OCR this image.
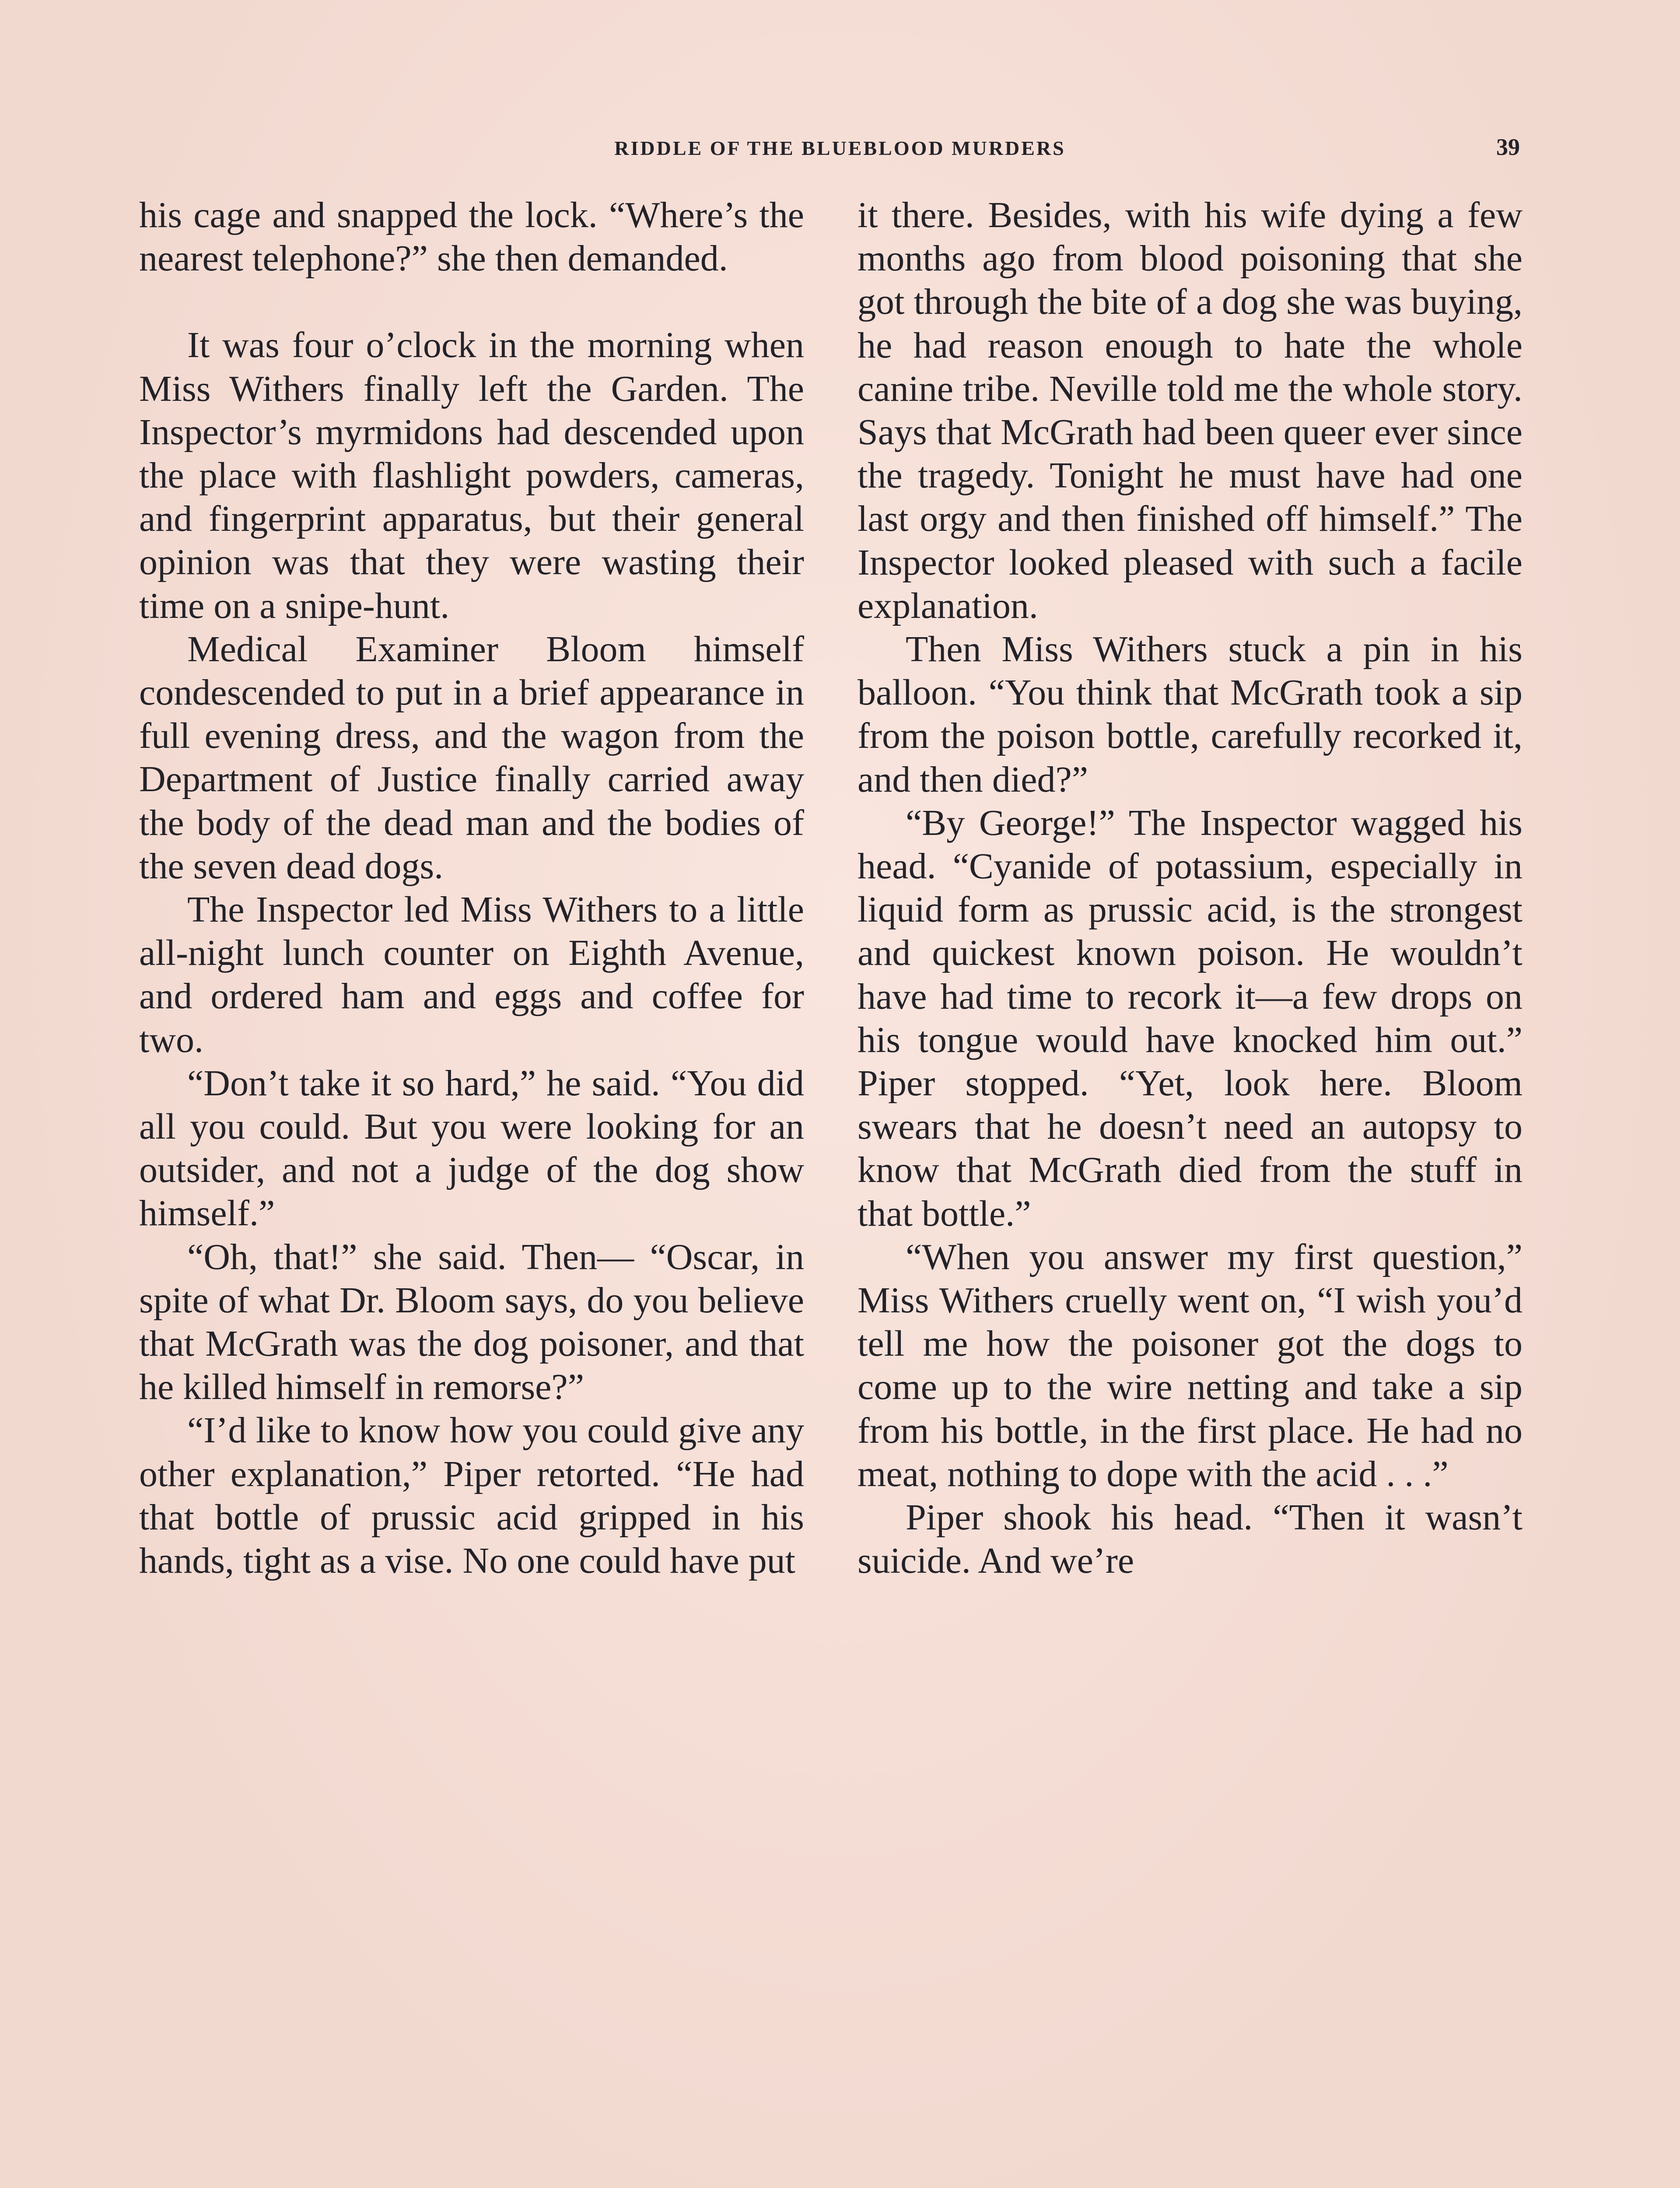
RIDDLE OF THE BLUEBLOOD MURDERS	39

his cage and snapped the lock. “Where’s the nearest telephone?” she then demanded.

It was four o’clock in the morning when Miss Withers finally left the Garden. The Inspector’s myrmidons had descended upon the place with flashlight powders, cameras, and fingerprint apparatus, but their general opinion was that they were wasting their time on a snipe-hunt.

Medical Examiner Bloom himself condescended to put in a brief appearance in full evening dress, and the wagon from the Department of Justice finally carried away the body of the dead man and the bodies of the seven dead dogs.

The Inspector led Miss Withers to a little all-night lunch counter on Eighth Avenue, and ordered ham and eggs and coffee for two.

“Don’t take it so hard,” he said. “You did all you could. But you were looking for an outsider, and not a judge of the dog show himself.”

“Oh, that!” she said. Then— “Oscar, in spite of what Dr. Bloom says, do you believe that McGrath was the dog poisoner, and that he killed himself in remorse?”

“I’d like to know how you could give any other explanation,” Piper retorted. “He had that bottle of prussic acid gripped in his hands, tight as a vise. No one could have put

it there. Besides, with his wife dying a few months ago from blood poisoning that she got through the bite of a dog she was buying, he had reason enough to hate the whole canine tribe. Neville told me the whole story. Says that McGrath had been queer ever since the tragedy. Tonight he must have had one last orgy and then finished off himself.” The Inspector looked pleased with such a facile explanation.

Then Miss Withers stuck a pin in his balloon. “You think that McGrath took a sip from the poison bottle, carefully recorked it, and then died?”

“By George!” The Inspector wagged his head. “Cyanide of potassium, especially in liquid form as prussic acid, is the strongest and quickest known poison. He wouldn’t have had time to recork it—a few drops on his tongue would have knocked him out.” Piper stopped. “Yet, look here. Bloom swears that he doesn’t need an autopsy to know that McGrath died from the stuff in that bottle.”

“When you answer my first question,” Miss Withers cruelly went on, “I wish you’d tell me how the poisoner got the dogs to come up to the wire netting and take a sip from his bottle, in the first place. He had no meat, nothing to dope with the acid . . .”

Piper shook his head. “Then it wasn’t suicide. And we’re
